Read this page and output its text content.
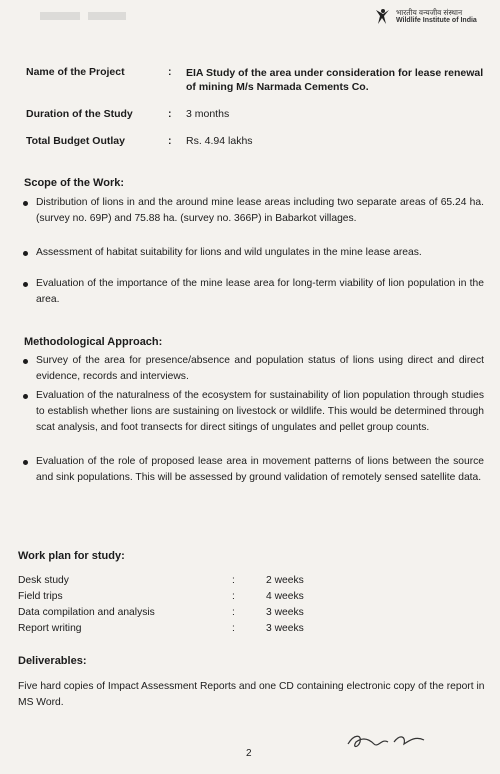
भारतीय वन्यजीव संस्थान
Wildlife Institute of India
Name of the Project	: EIA Study of the area under consideration for lease renewal of mining M/s Narmada Cements Co.
Duration of the Study	: 3 months
Total Budget Outlay	: Rs. 4.94 lakhs
Scope of the Work:
Distribution of lions in and the around mine lease areas including two separate areas of 65.24 ha. (survey no. 69P) and 75.88 ha. (survey no. 366P) in Babarkot villages.
Assessment of habitat suitability for lions and wild ungulates in the mine lease areas.
Evaluation of the importance of the mine lease area for long-term viability of lion population in the area.
Methodological Approach:
Survey of the area for presence/absence and population status of lions using direct and direct evidence, records and interviews.
Evaluation of the naturalness of the ecosystem for sustainability of lion population through studies to establish whether lions are sustaining on livestock or wildlife. This would be determined through scat analysis, and foot transects for direct sitings of ungulates and pellet group counts.
Evaluation of the role of proposed lease area in movement patterns of lions between the source and sink populations. This will be assessed by ground validation of remotely sensed satellite data.
Work plan for study:
Desk study	:	2 weeks
Field trips	:	4 weeks
Data compilation and analysis	:	3 weeks
Report writing	:	3 weeks
Deliverables:
Five hard copies of Impact Assessment Reports and one CD containing electronic copy of the report in MS Word.
2
